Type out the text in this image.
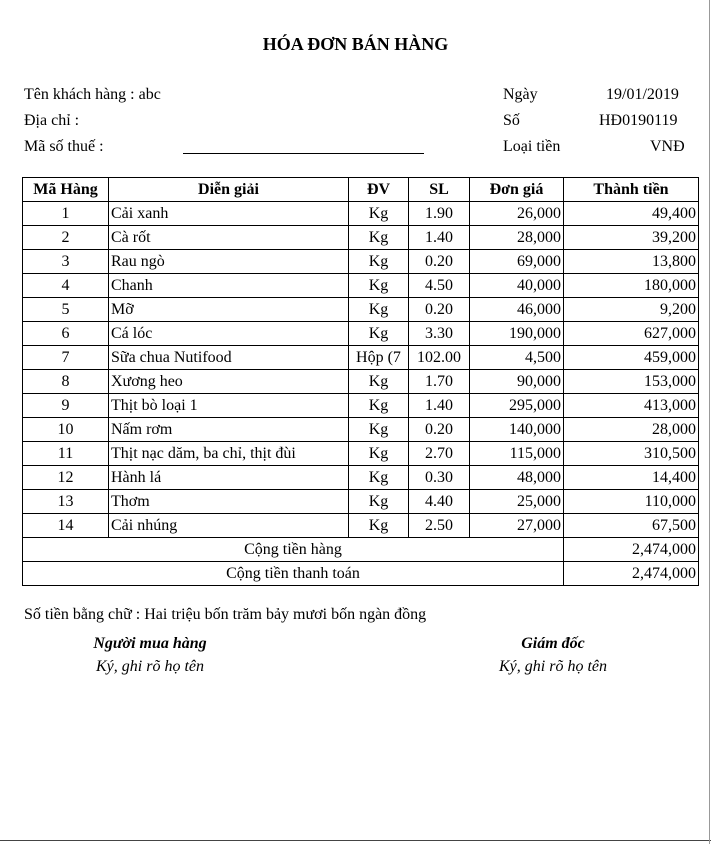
HÓA ĐƠN BÁN HÀNG
Tên khách hàng : abc
Địa chỉ :
Mã số thuế :
Ngày	19/01/2019
Số	HĐ0190119
Loại tiền	VNĐ
Mã Hàng	Diễn giải	ĐV	SL	Đơn giá	Thành tiền
1	Cải xanh	Kg	1.90	26,000	49,400
2	Cà rốt	Kg	1.40	28,000	39,200
3	Rau ngò	Kg	0.20	69,000	13,800
4	Chanh	Kg	4.50	40,000	180,000
5	Mỡ	Kg	0.20	46,000	9,200
6	Cá lóc	Kg	3.30	190,000	627,000
7	Sữa chua Nutifood	Hộp (7	102.00	4,500	459,000
8	Xương heo	Kg	1.70	90,000	153,000
9	Thịt bò loại 1	Kg	1.40	295,000	413,000
10	Nấm rơm	Kg	0.20	140,000	28,000
11	Thịt nạc dăm, ba chỉ, thịt đùi	Kg	2.70	115,000	310,500
12	Hành lá	Kg	0.30	48,000	14,400
13	Thơm	Kg	4.40	25,000	110,000
14	Cải nhúng	Kg	2.50	27,000	67,500
Cộng tiền hàng					2,474,000
Cộng tiền thanh toán					2,474,000
Số tiền bằng chữ : Hai triệu bốn trăm bảy mươi bốn ngàn đồng
Người mua hàng
Ký, ghi rõ họ tên
Giám đốc
Ký, ghi rõ họ tên
